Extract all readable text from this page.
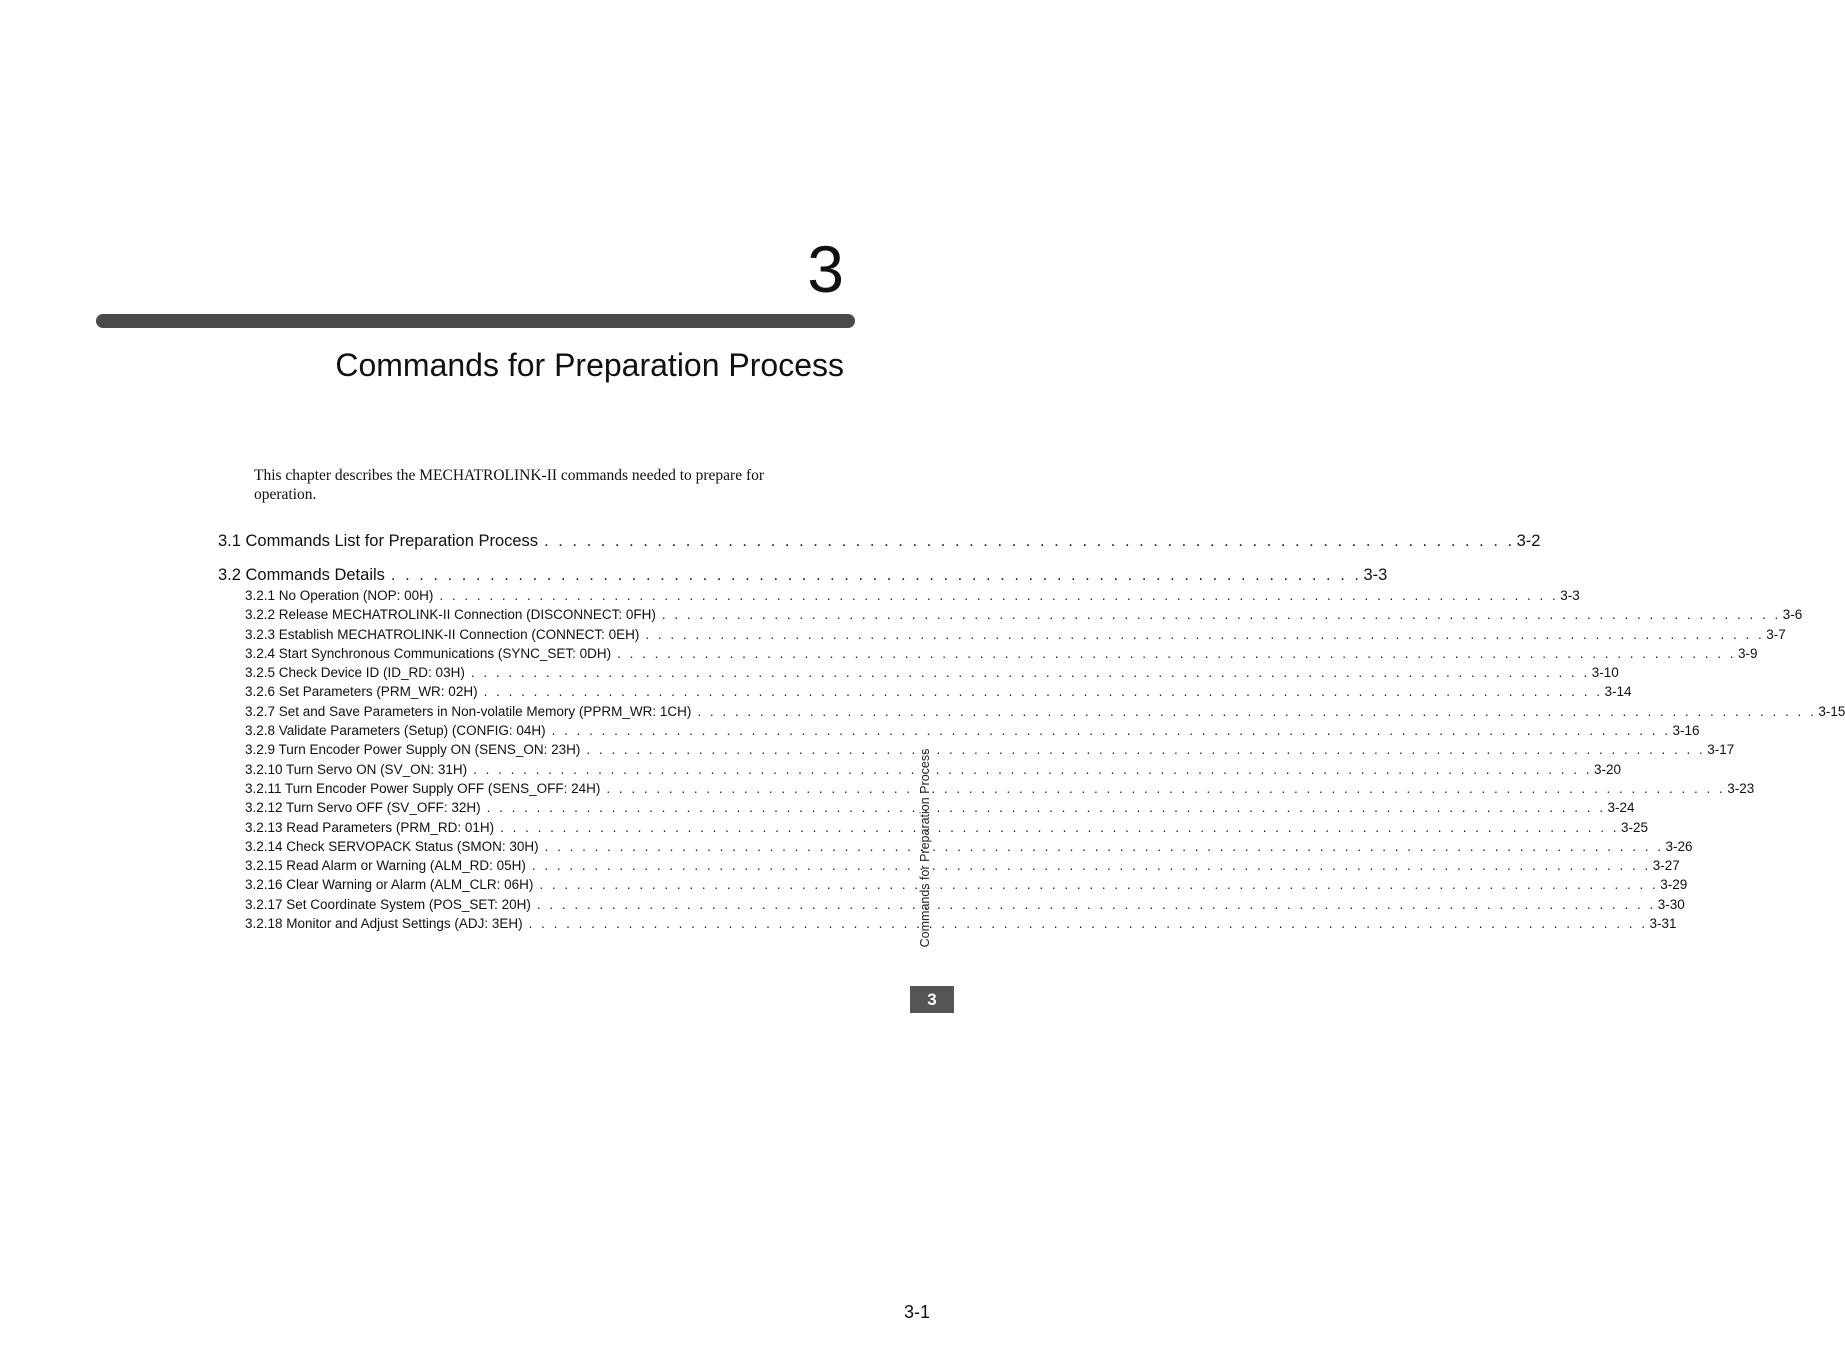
3
Commands for Preparation Process
This chapter describes the MECHATROLINK-II commands needed to prepare for operation.
3.1 Commands List for Preparation Process . . . . . . . . . . . . . . . . . . . . . . . . . . . . . . . . . . . . . . . . . . . . . . . . . . . . . . . . . . . . . . . . . . . . . 3-2
3.2 Commands Details . . . . . . . . . . . . . . . . . . . . . . . . . . . . . . . . . . . . . . . . . . . . . . . . . . . . . . . . . . . . . . . . . . . . . 3-3
3.2.1 No Operation (NOP: 00H) . . . . . . . . . . . . . . . . . . . . . . . . . . . . . . . . . . . . . . . . . . . . . . . . . . . . . . . . . . . . . . . . . . . . . . . . . . . . . . . . . . . . . . . . . . 3-3
3.2.2 Release MECHATROLINK-II Connection (DISCONNECT: 0FH) . . . . . . . . . . . . . . . . . . . . . . . . . . . . . . . . . . . . . . . . . . . . . . . . . . . . . . . . . . . . . . . . . . . . . . . . . . . . . . . . . . . . . . . . . . 3-6
3.2.3 Establish MECHATROLINK-II Connection (CONNECT: 0EH) . . . . . . . . . . . . . . . . . . . . . . . . . . . . . . . . . . . . . . . . . . . . . . . . . . . . . . . . . . . . . . . . . . . . . . . . . . . . . . . . . . . . . . . . . . 3-7
3.2.4 Start Synchronous Communications (SYNC_SET: 0DH) . . . . . . . . . . . . . . . . . . . . . . . . . . . . . . . . . . . . . . . . . . . . . . . . . . . . . . . . . . . . . . . . . . . . . . . . . . . . . . . . . . . . . . . . . . 3-9
3.2.5 Check Device ID (ID_RD: 03H) . . . . . . . . . . . . . . . . . . . . . . . . . . . . . . . . . . . . . . . . . . . . . . . . . . . . . . . . . . . . . . . . . . . . . . . . . . . . . . . . . . . . . . . . . . 3-10
3.2.6 Set Parameters (PRM_WR: 02H) . . . . . . . . . . . . . . . . . . . . . . . . . . . . . . . . . . . . . . . . . . . . . . . . . . . . . . . . . . . . . . . . . . . . . . . . . . . . . . . . . . . . . . . . . . 3-14
3.2.7 Set and Save Parameters in Non-volatile Memory (PPRM_WR: 1CH) . . . . . . . . . . . . . . . . . . . . . . . . . . . . . . . . . . . . . . . . . . . . . . . . . . . . . . . . . . . . . . . . . . . . . . . . . . . . . . . . . . . . . . . . . . 3-15
3.2.8 Validate Parameters (Setup) (CONFIG: 04H) . . . . . . . . . . . . . . . . . . . . . . . . . . . . . . . . . . . . . . . . . . . . . . . . . . . . . . . . . . . . . . . . . . . . . . . . . . . . . . . . . . . . . . . . . . 3-16
3.2.9 Turn Encoder Power Supply ON (SENS_ON: 23H) . . . . . . . . . . . . . . . . . . . . . . . . . . . . . . . . . . . . . . . . . . . . . . . . . . . . . . . . . . . . . . . . . . . . . . . . . . . . . . . . . . . . . . . . . . 3-17
3.2.10 Turn Servo ON (SV_ON: 31H) . . . . . . . . . . . . . . . . . . . . . . . . . . . . . . . . . . . . . . . . . . . . . . . . . . . . . . . . . . . . . . . . . . . . . . . . . . . . . . . . . . . . . . . . . . 3-20
3.2.11 Turn Encoder Power Supply OFF (SENS_OFF: 24H) . . . . . . . . . . . . . . . . . . . . . . . . . . . . . . . . . . . . . . . . . . . . . . . . . . . . . . . . . . . . . . . . . . . . . . . . . . . . . . . . . . . . . . . . . . 3-23
3.2.12 Turn Servo OFF (SV_OFF: 32H) . . . . . . . . . . . . . . . . . . . . . . . . . . . . . . . . . . . . . . . . . . . . . . . . . . . . . . . . . . . . . . . . . . . . . . . . . . . . . . . . . . . . . . . . . . 3-24
3.2.13 Read Parameters (PRM_RD: 01H) . . . . . . . . . . . . . . . . . . . . . . . . . . . . . . . . . . . . . . . . . . . . . . . . . . . . . . . . . . . . . . . . . . . . . . . . . . . . . . . . . . . . . . . . . . 3-25
3.2.14 Check SERVOPACK Status (SMON: 30H) . . . . . . . . . . . . . . . . . . . . . . . . . . . . . . . . . . . . . . . . . . . . . . . . . . . . . . . . . . . . . . . . . . . . . . . . . . . . . . . . . . . . . . . . . . 3-26
3.2.15 Read Alarm or Warning (ALM_RD: 05H) . . . . . . . . . . . . . . . . . . . . . . . . . . . . . . . . . . . . . . . . . . . . . . . . . . . . . . . . . . . . . . . . . . . . . . . . . . . . . . . . . . . . . . . . . . 3-27
3.2.16 Clear Warning or Alarm (ALM_CLR: 06H) . . . . . . . . . . . . . . . . . . . . . . . . . . . . . . . . . . . . . . . . . . . . . . . . . . . . . . . . . . . . . . . . . . . . . . . . . . . . . . . . . . . . . . . . . . 3-29
3.2.17 Set Coordinate System (POS_SET: 20H) . . . . . . . . . . . . . . . . . . . . . . . . . . . . . . . . . . . . . . . . . . . . . . . . . . . . . . . . . . . . . . . . . . . . . . . . . . . . . . . . . . . . . . . . . . 3-30
3.2.18 Monitor and Adjust Settings (ADJ: 3EH) . . . . . . . . . . . . . . . . . . . . . . . . . . . . . . . . . . . . . . . . . . . . . . . . . . . . . . . . . . . . . . . . . . . . . . . . . . . . . . . . . . . . . . . . . . 3-31
Commands for Preparation Process
3
3-1
